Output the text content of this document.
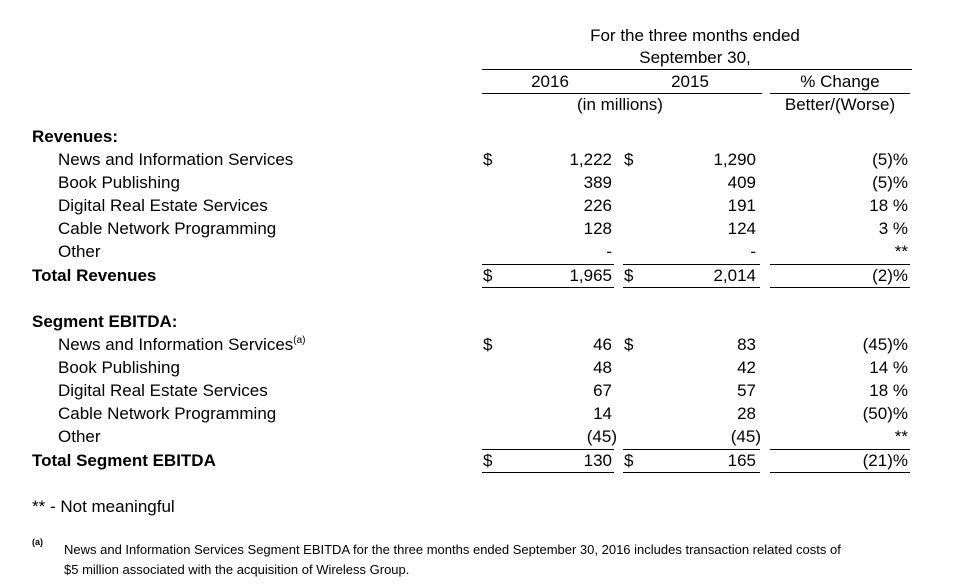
For the three months ended
September 30,
2016	2015	% Change
(in millions)	Better/(Worse)
Revenues:
News and Information Services	$	1,222 $	1,290	(5)%
Book Publishing	389	409	(5)%
Digital Real Estate Services	226	191	18 %
Cable Network Programming	128	124	3 %
Other	-	-	**
Total Revenues	$	1,965 $	2,014	(2)%
Segment EBITDA:
News and Information Services$^{(a)}$	$	46 $	83	(45)%
Book Publishing	48	42	14 %
Digital Real Estate Services	67	57	18 %
Cable Network Programming	14	28	(50)%
Other	(45)	(45)	**
Total Segment EBITDA	$	130 $	165	(21)%
** - Not meaningful
(a) News and Information Services Segment EBITDA for the three months ended September 30, 2016 includes transaction related costs of
$5 million associated with the acquisition of Wireless Group.
